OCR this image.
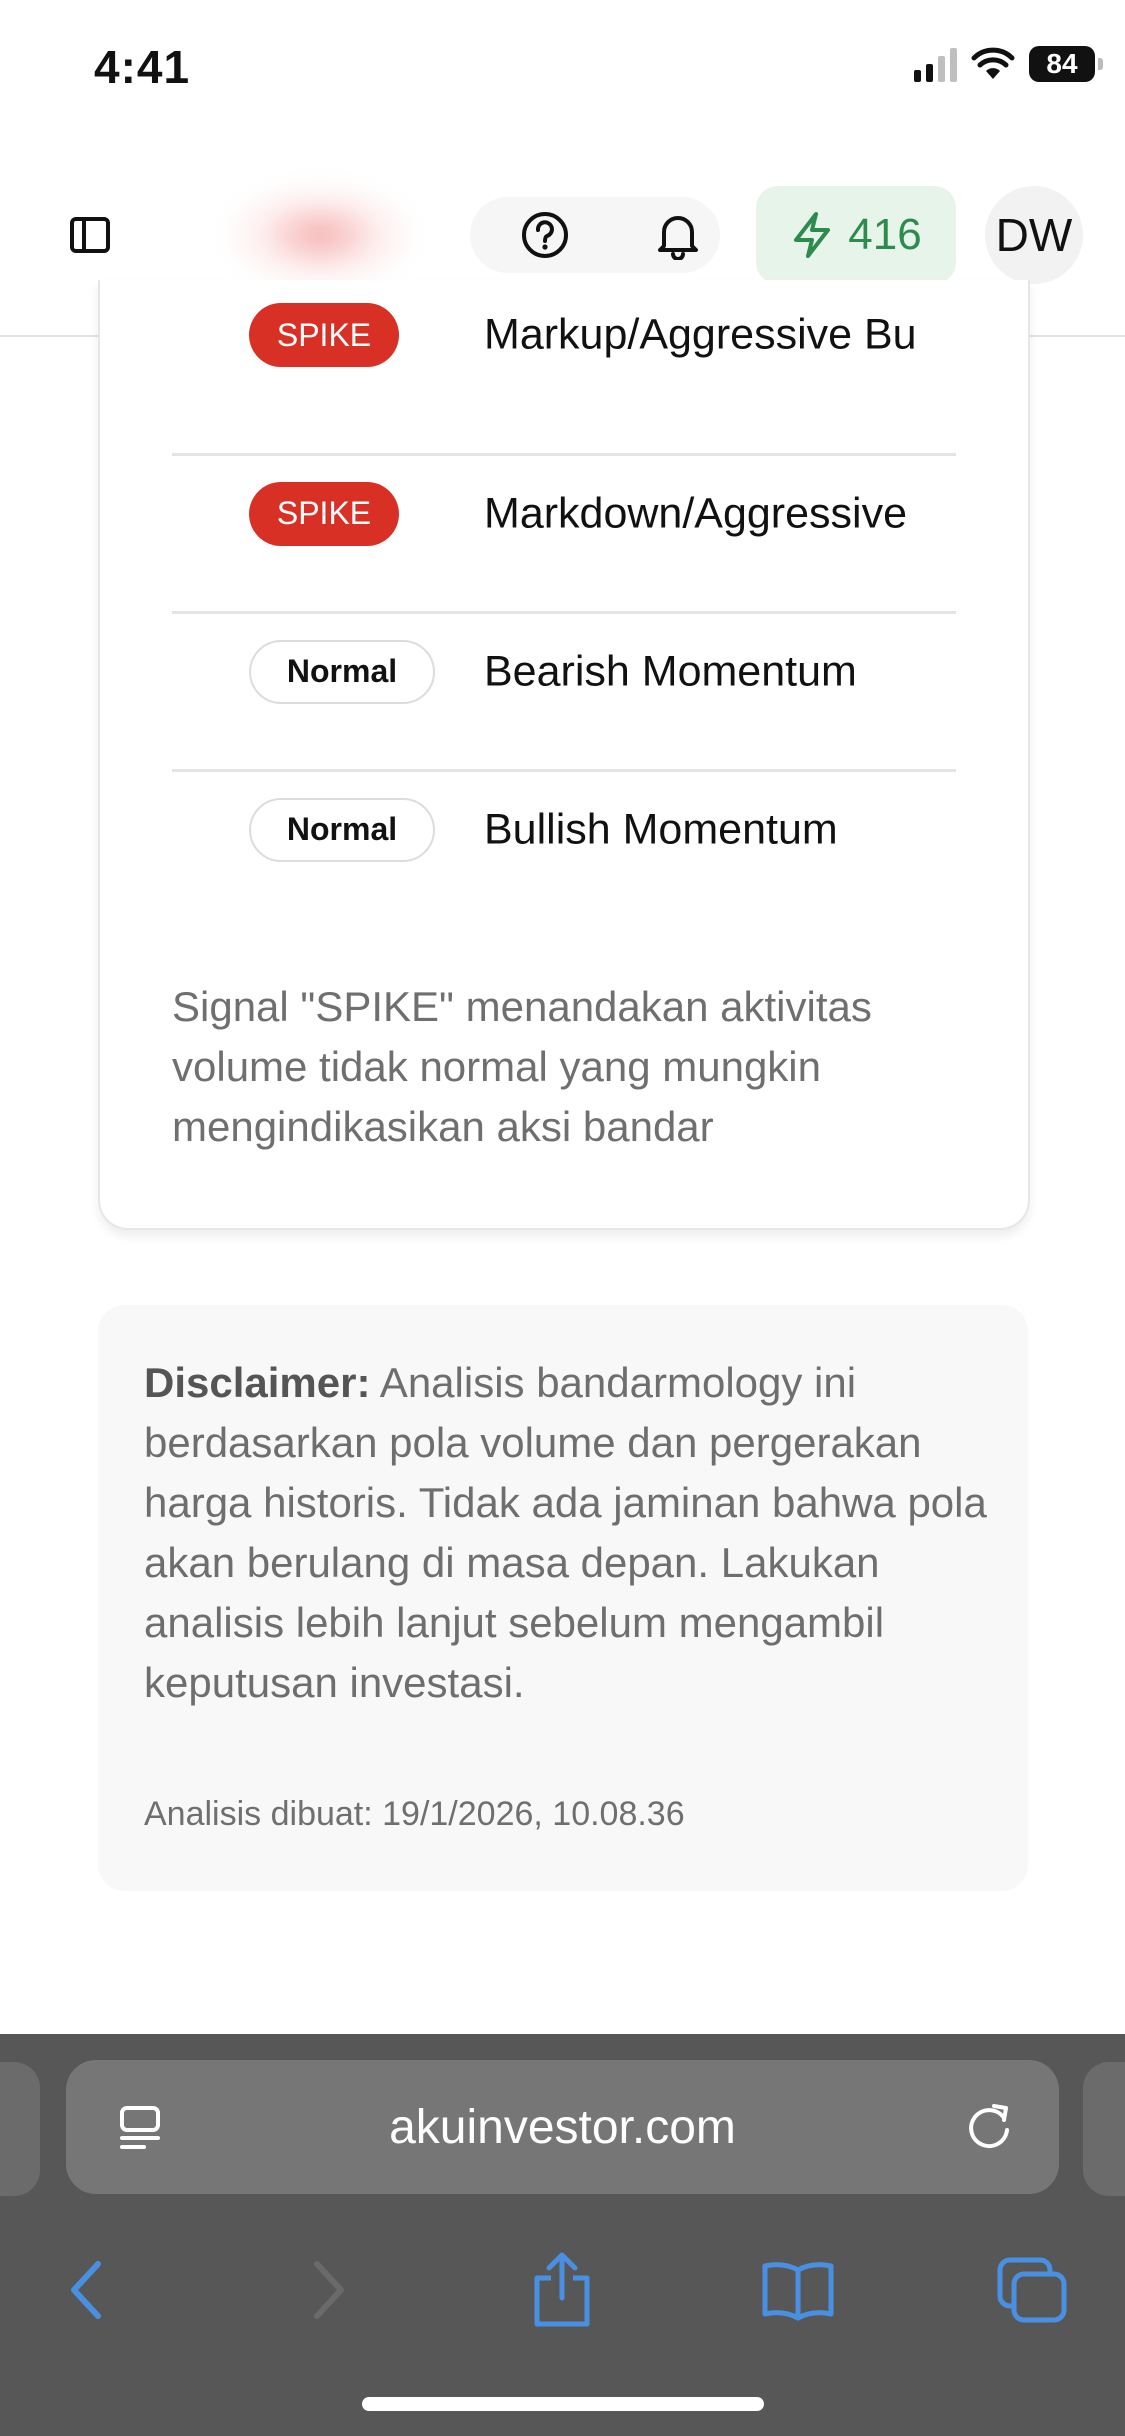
4:41	84
416 DW
SPIKE	Markup/Aggressive Bu
SPIKE	Markdown/Aggressive
Normal	Bearish Momentum
Normal	Bullish Momentum
Signal "SPIKE" menandakan aktivitas volume tidak normal yang mungkin mengindikasikan aksi bandar
Disclaimer: Analisis bandarmology ini berdasarkan pola volume dan pergerakan harga historis. Tidak ada jaminan bahwa pola akan berulang di masa depan. Lakukan analisis lebih lanjut sebelum mengambil keputusan investasi.
Analisis dibuat: 19/1/2026, 10.08.36
akuinvestor.com
